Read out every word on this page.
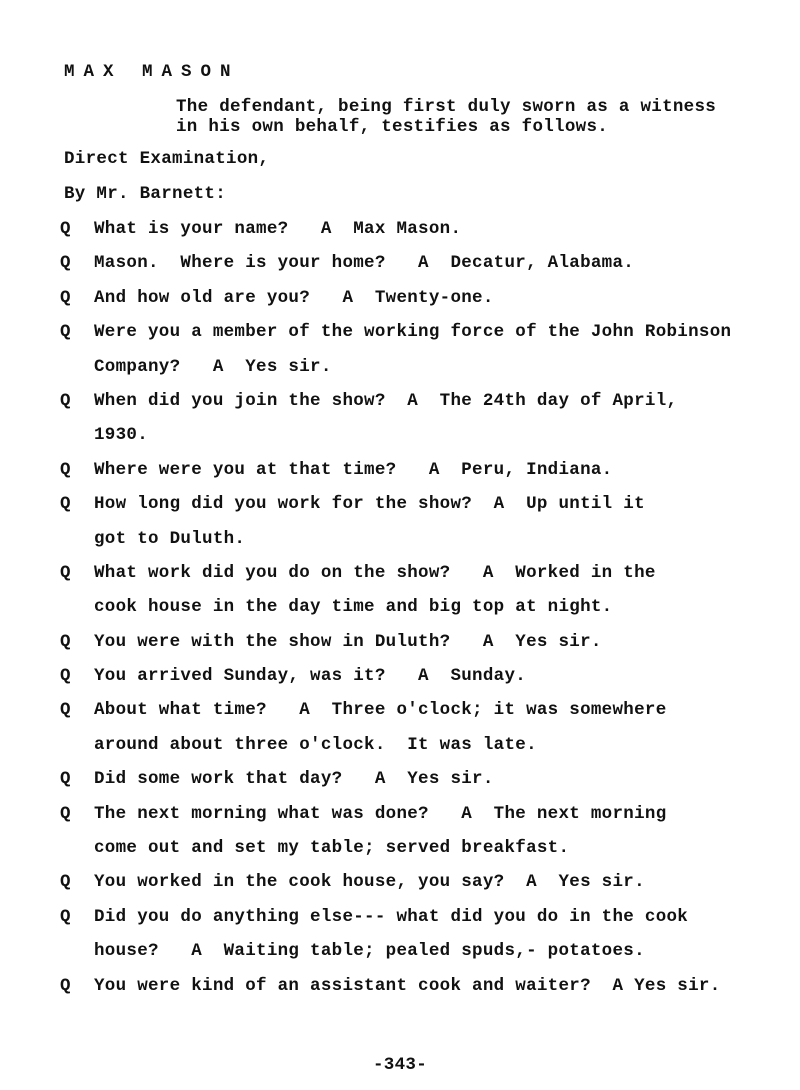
MAX MASON
The defendant, being first duly sworn as a witness
in his own behalf, testifies as follows.
Direct Examination,
By Mr. Barnett:
Q What is your name?   A  Max Mason.
Q Mason.  Where is your home?   A  Decatur, Alabama.
Q And how old are you?   A  Twenty-one.
Q Were you a member of the working force of the John Robinson
Company?   A  Yes sir.
Q When did you join the show?  A  The 24th day of April,
1930.
Q Where were you at that time?   A  Peru, Indiana.
Q How long did you work for the show?  A  Up until it
got to Duluth.
Q What work did you do on the show?   A  Worked in the
cook house in the day time and big top at night.
Q You were with the show in Duluth?   A  Yes sir.
Q You arrived Sunday, was it?   A  Sunday.
Q About what time?   A  Three o'clock; it was somewhere
around about three o'clock.  It was late.
Q Did some work that day?   A  Yes sir.
Q The next morning what was done?   A  The next morning
come out and set my table; served breakfast.
Q You worked in the cook house, you say?  A  Yes sir.
Q Did you do anything else--- what did you do in the cook
house?   A  Waiting table; pealed spuds,- potatoes.
Q You were kind of an assistant cook and waiter?  A Yes sir.
-343-
